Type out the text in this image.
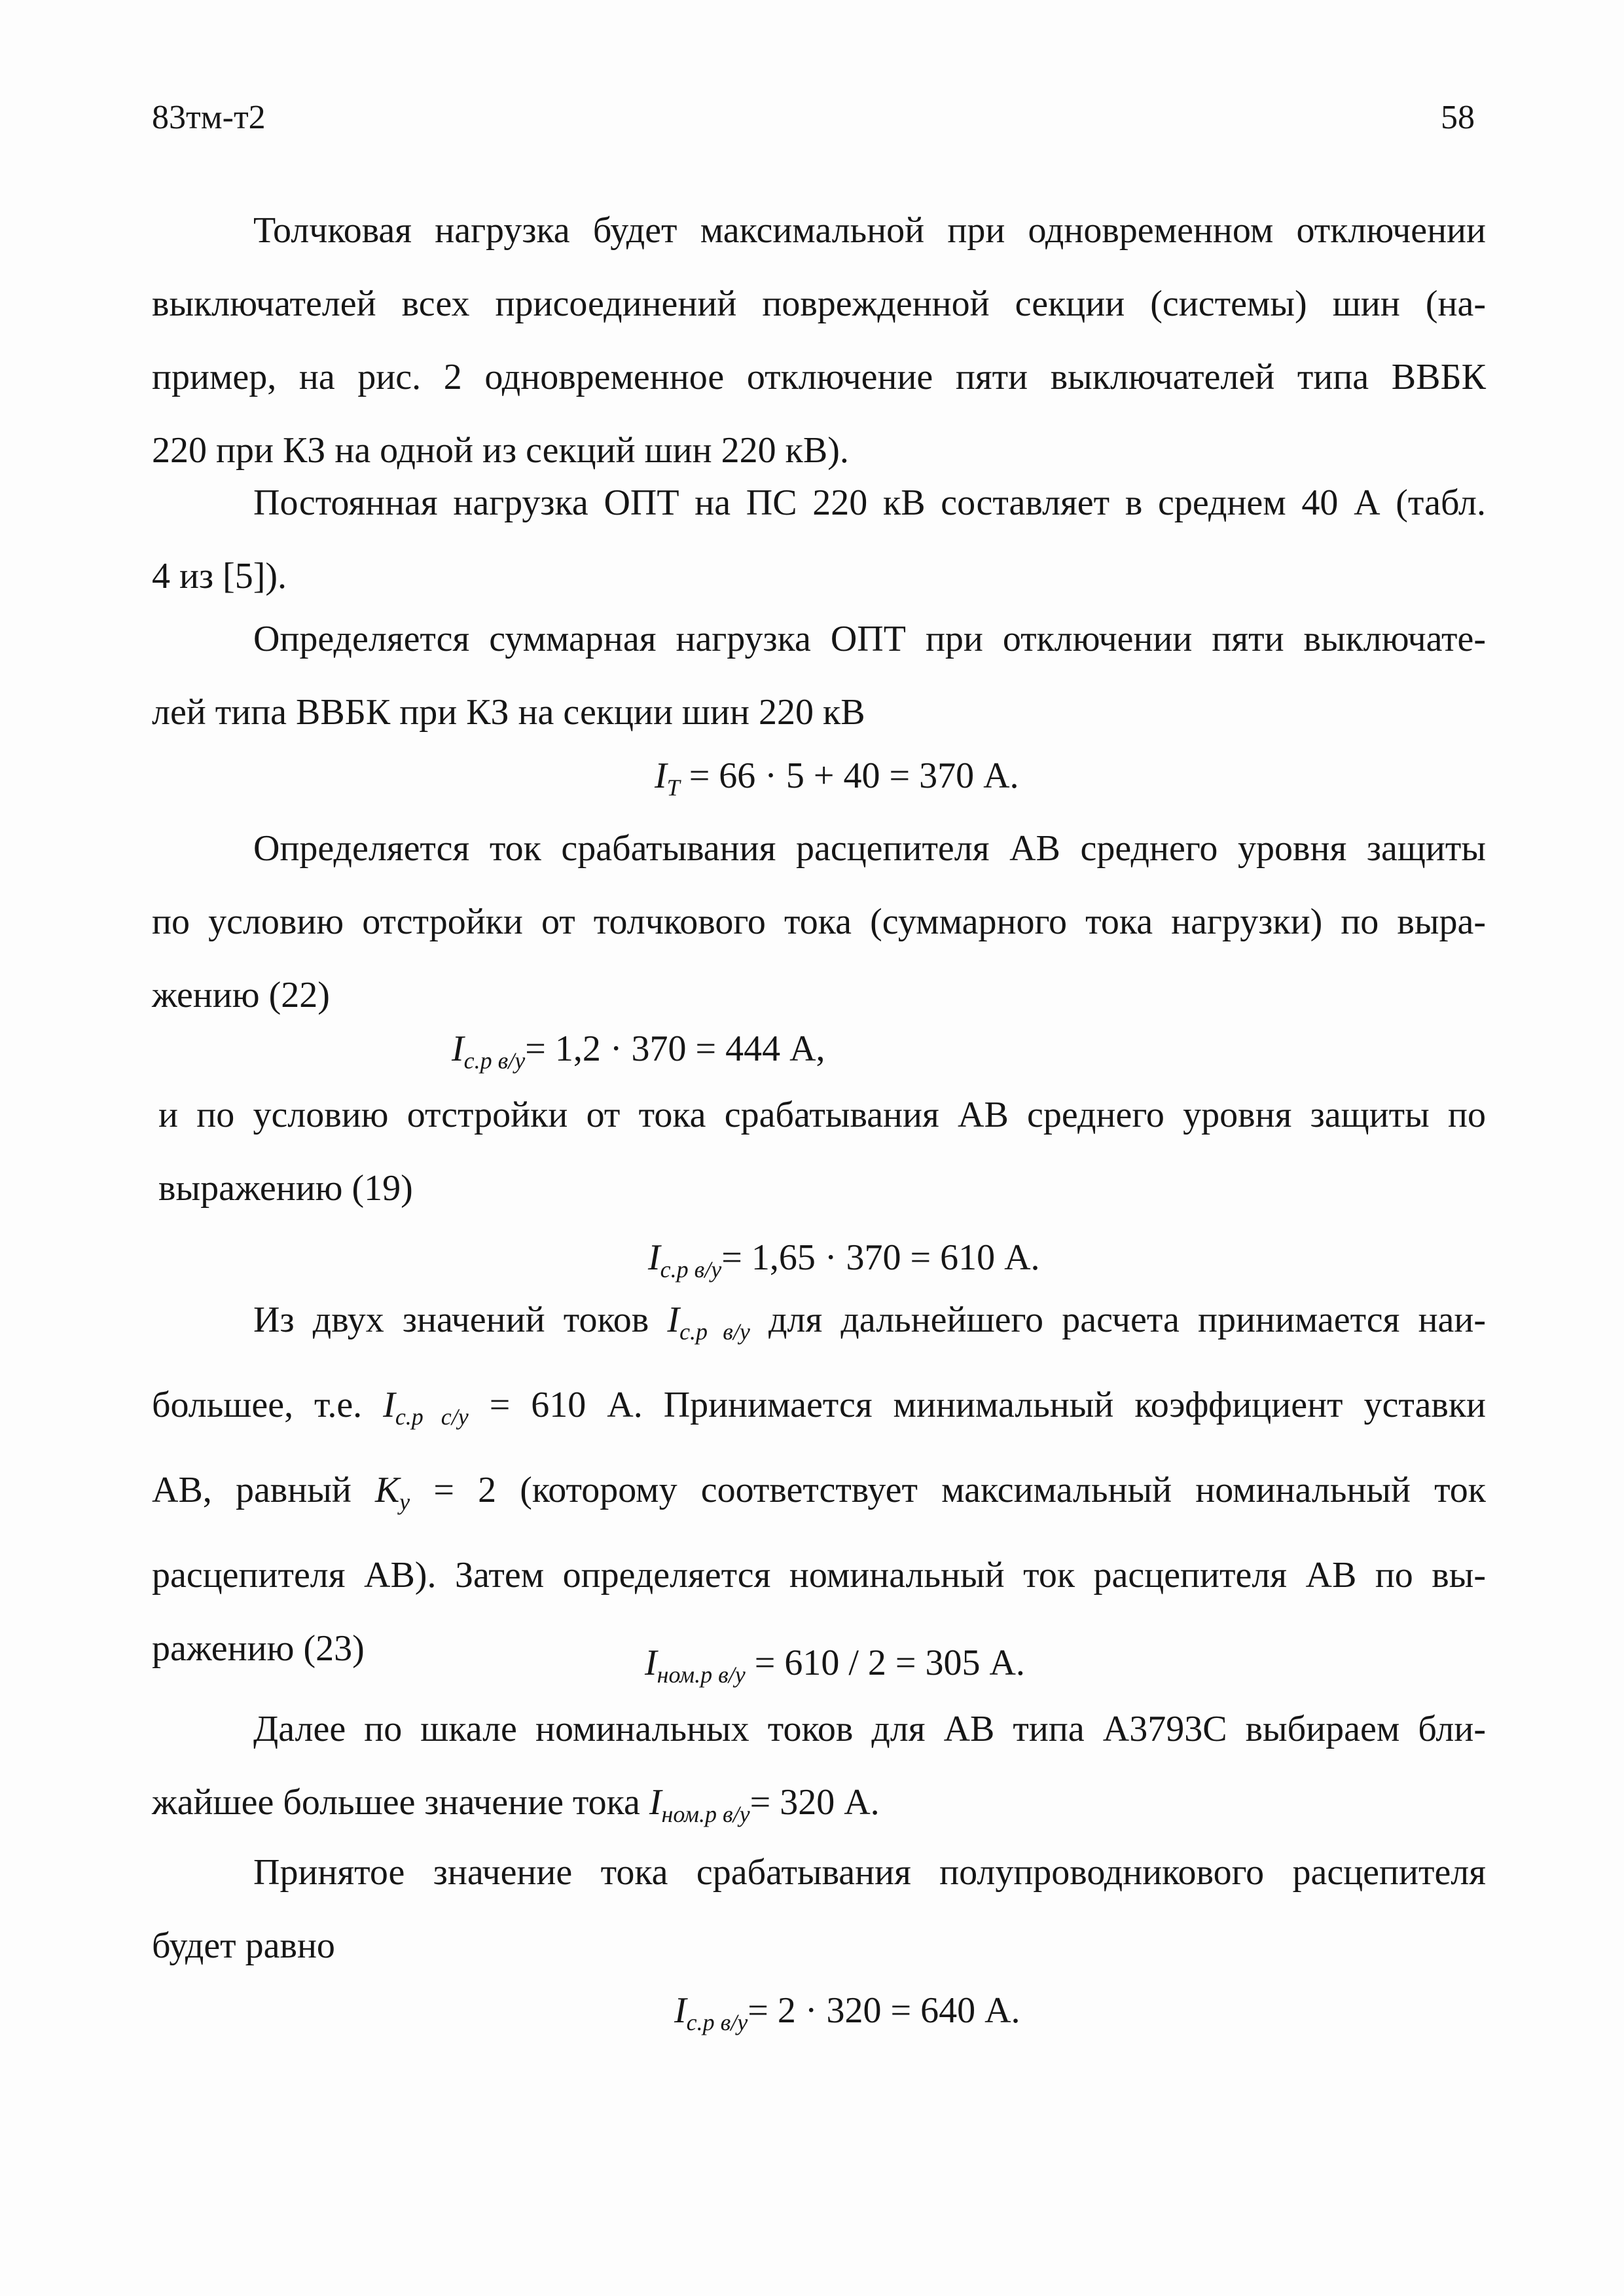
83тм-т2	58
Толчковая нагрузка будет максимальной при одновременном отключении
выключателей всех присоединений поврежденной секции (системы) шин (на-
пример, на рис. 2 одновременное отключение пяти выключателей типа ВВБК
220 при КЗ на одной из секций шин 220 кВ).
Постоянная нагрузка ОПТ на ПС 220 кВ составляет в среднем 40 А (табл.
4 из [5]).
Определяется суммарная нагрузка ОПТ при отключении пяти выключате-
лей типа ВВБК при КЗ на секции шин 220 кВ
$I_T = 66 \cdot 5 + 40 = 370$ А.
Определяется ток срабатывания расцепителя АВ среднего уровня защиты
по условию отстройки от толчкового тока (суммарного тока нагрузки) по выра-
жению (22)
$I_{с.р в/у}= 1,2 \cdot 370 = 444$ А,
и по условию отстройки от тока срабатывания АВ среднего уровня защиты по
выражению (19)
$I_{с.р в/у}= 1,65 \cdot 370 = 610$ А.
Из двух значений токов $I_{с.р в/у}$ для дальнейшего расчета принимается наи-
большее, т.е. $I_{с.р с/у} = 610$ А. Принимается минимальный коэффициент уставки
АВ, равный $К_у = 2$ (которому соответствует максимальный номинальный ток
расцепителя АВ). Затем определяется номинальный ток расцепителя АВ по вы-
ражению (23)	$I_{ном.р в/у} = 610 / 2 = 305$ А.
Далее по шкале номинальных токов для АВ типа А3793С выбираем бли-
жайшее большее значение тока $I_{ном.р в/у}= 320$ А.
Принятое значение тока срабатывания полупроводникового расцепителя
будет равно
$I_{с.р в/у}= 2 \cdot 320 = 640$ А.
